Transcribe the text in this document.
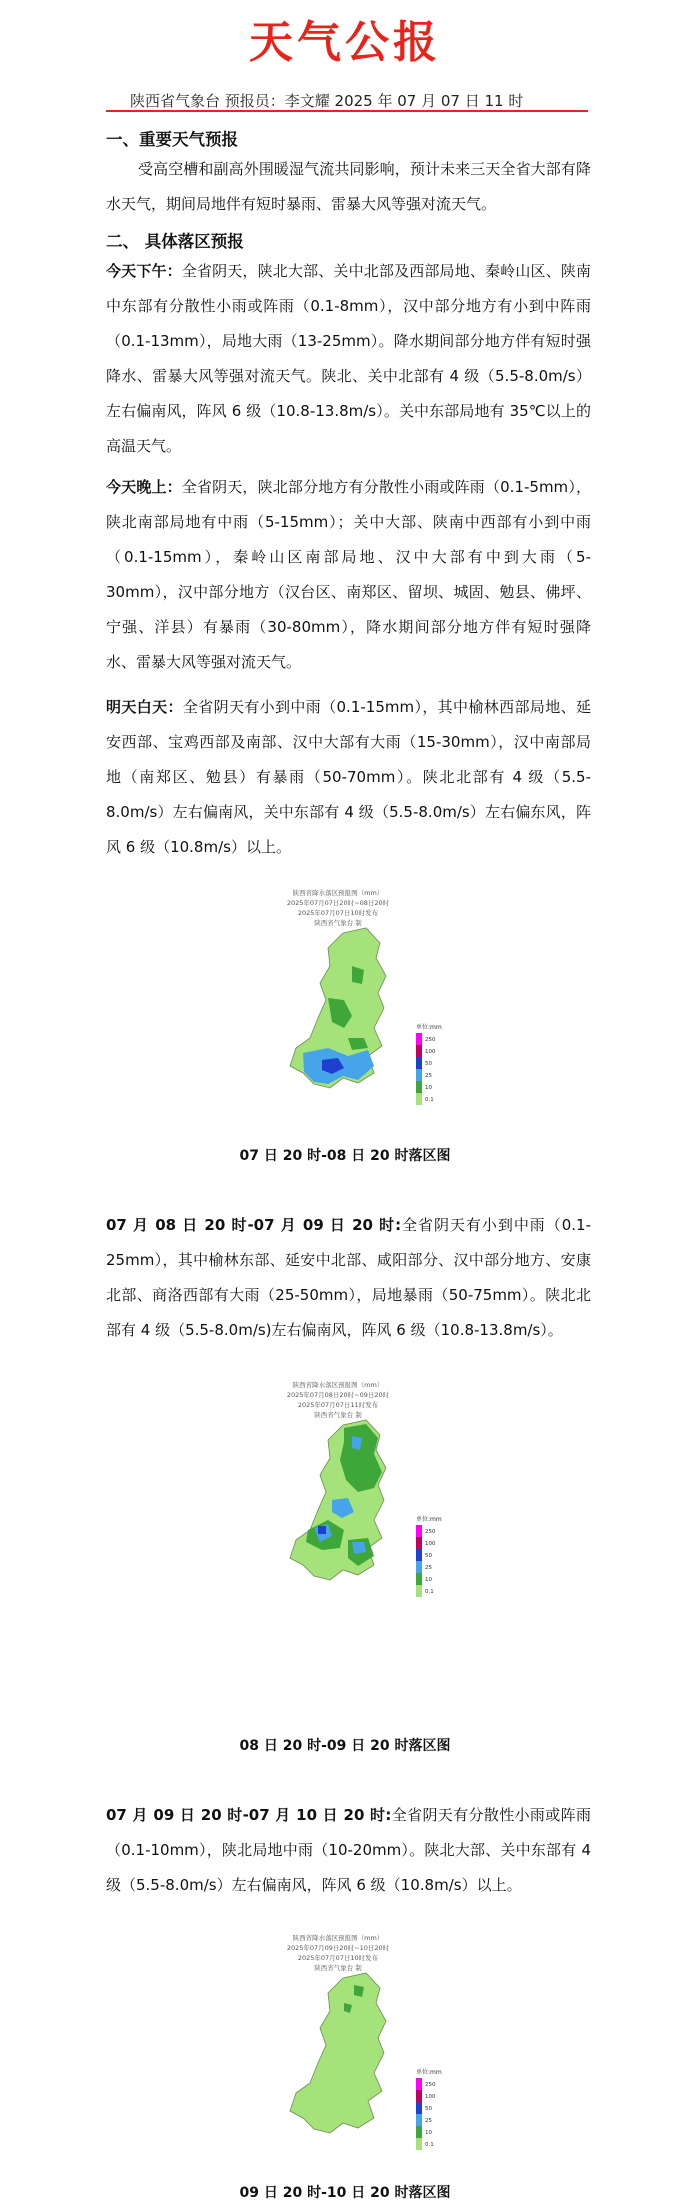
天气公报
陕西省气象台 预报员：李文耀 2025 年 07 月 07 日 11 时
一、重要天气预报
受高空槽和副高外围暖湿气流共同影响，预计未来三天全省大部有降水天气，期间局地伴有短时暴雨、雷暴大风等强对流天气。
二、 具体落区预报
今天下午：全省阴天，陕北大部、关中北部及西部局地、秦岭山区、陕南中东部有分散性小雨或阵雨（0.1-8mm），汉中部分地方有小到中阵雨（0.1-13mm），局地大雨（13-25mm）。降水期间部分地方伴有短时强降水、雷暴大风等强对流天气。陕北、关中北部有 4 级（5.5-8.0m/s）左右偏南风，阵风 6 级（10.8-13.8m/s）。关中东部局地有 35℃以上的高温天气。
今天晚上：全省阴天，陕北部分地方有分散性小雨或阵雨（0.1-5mm），陕北南部局地有中雨（5-15mm）；关中大部、陕南中西部有小到中雨（0.1-15mm），秦岭山区南部局地、汉中大部有中到大雨（5-30mm），汉中部分地方（汉台区、南郑区、留坝、城固、勉县、佛坪、宁强、洋县）有暴雨（30-80mm），降水期间部分地方伴有短时强降水、雷暴大风等强对流天气。
明天白天：全省阴天有小到中雨（0.1-15mm），其中榆林西部局地、延安西部、宝鸡西部及南部、汉中大部有大雨（15-30mm），汉中南部局地（南郑区、勉县）有暴雨（50-70mm）。陕北北部有 4 级（5.5-8.0m/s）左右偏南风，关中东部有 4 级（5.5-8.0m/s）左右偏东风，阵风 6 级（10.8m/s）以上。
陕西省降水落区预报图（mm）
2025年07月07日20时~08日20时
2025年07月07日10时发布
陕西省气象台 制
单位:mm
250
100
50
25
10
0.1
07 日 20 时-08 日 20 时落区图
07 月 08 日 20 时-07 月 09 日 20 时:全省阴天有小到中雨（0.1-25mm），其中榆林东部、延安中北部、咸阳部分、汉中部分地方、安康北部、商洛西部有大雨（25-50mm），局地暴雨（50-75mm）。陕北北部有 4 级（5.5-8.0m/s)左右偏南风，阵风 6 级（10.8-13.8m/s）。
陕西省降水落区预报图（mm）
2025年07月08日20时~09日20时
2025年07月07日11时发布
陕西省气象台 制
单位:mm
250
100
50
25
10
0.1
08 日 20 时-09 日 20 时落区图
07 月 09 日 20 时-07 月 10 日 20 时:全省阴天有分散性小雨或阵雨（0.1-10mm），陕北局地中雨（10-20mm）。陕北大部、关中东部有 4 级（5.5-8.0m/s）左右偏南风，阵风 6 级（10.8m/s）以上。
陕西省降水落区预报图（mm）
2025年07月09日20时~10日20时
2025年07月07日10时发布
陕西省气象台 制
单位:mm
250
100
50
25
10
0.1
09 日 20 时-10 日 20 时落区图
